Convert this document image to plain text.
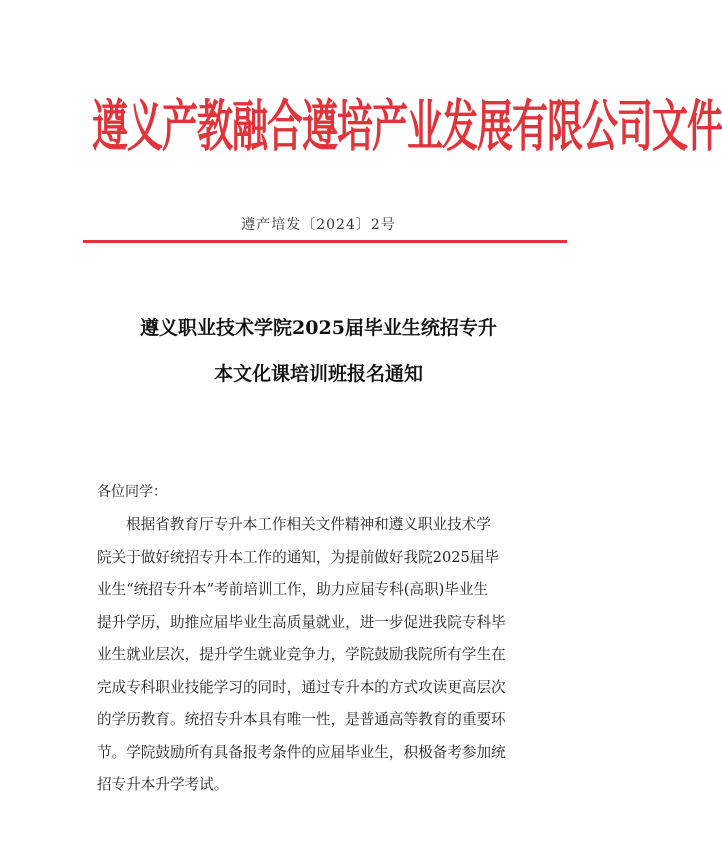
遵义产教融合遵培产业发展有限公司文件
遵产培发〔2024〕2号
遵义职业技术学院2025届毕业生统招专升
本文化课培训班报名通知
各位同学：
根据省教育厅专升本工作相关文件精神和遵义职业技术学
院关于做好统招专升本工作的通知，为提前做好我院2025届毕
业生“统招专升本”考前培训工作，助力应届专科(高职)毕业生
提升学历，助推应届毕业生高质量就业，进一步促进我院专科毕
业生就业层次，提升学生就业竞争力，学院鼓励我院所有学生在
完成专科职业技能学习的同时，通过专升本的方式攻读更高层次
的学历教育。统招专升本具有唯一性，是普通高等教育的重要环
节。学院鼓励所有具备报考条件的应届毕业生，积极备考参加统
招专升本升学考试。
